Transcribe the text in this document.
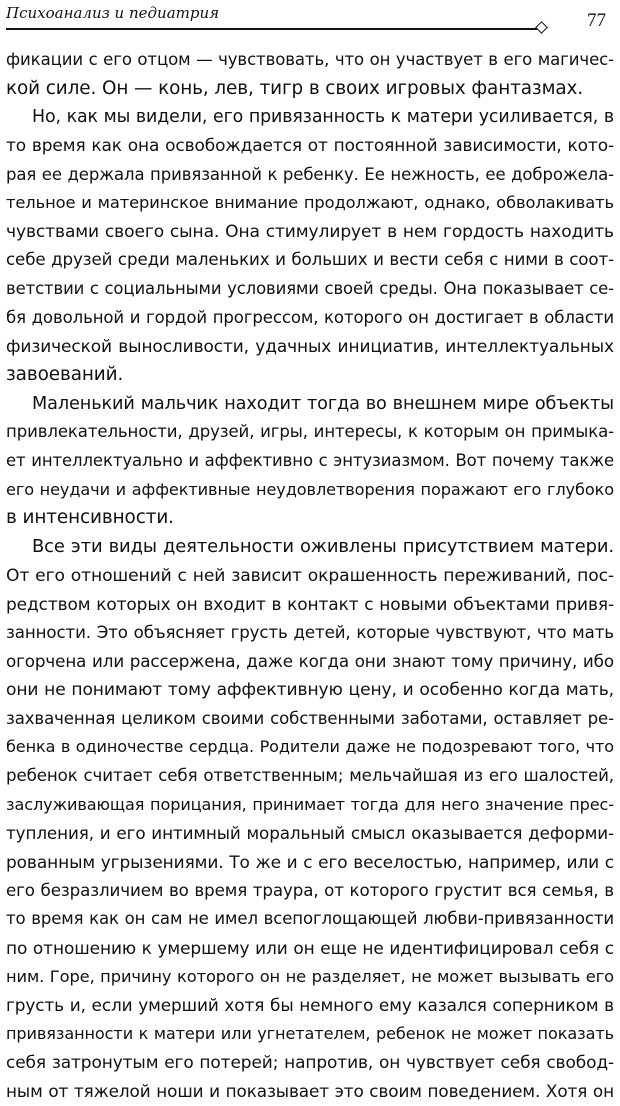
Психоанализ и педиатрия	77
фикации с его отцом — чувствовать, что он участвует в его магичес-
кой силе. Он — конь, лев, тигр в своих игровых фантазмах.
Но, как мы видели, его привязанность к матери усиливается, в
то время как она освобождается от постоянной зависимости, кото-
рая ее держала привязанной к ребенку. Ее нежность, ее доброжела-
тельное и материнское внимание продолжают, однако, обволакивать
чувствами своего сына. Она стимулирует в нем гордость находить
себе друзей среди маленьких и больших и вести себя с ними в соот-
ветствии с социальными условиями своей среды. Она показывает се-
бя довольной и гордой прогрессом, которого он достигает в области
физической выносливости, удачных инициатив, интеллектуальных
завоеваний.
Маленький мальчик находит тогда во внешнем мире объекты
привлекательности, друзей, игры, интересы, к которым он примыка-
ет интеллектуально и аффективно с энтузиазмом. Вот почему также
его неудачи и аффективные неудовлетворения поражают его глубоко
в интенсивности.
Все эти виды деятельности оживлены присутствием матери.
От его отношений с ней зависит окрашенность переживаний, пос-
редством которых он входит в контакт с новыми объектами привя-
занности. Это объясняет грусть детей, которые чувствуют, что мать
огорчена или рассержена, даже когда они знают тому причину, ибо
они не понимают тому аффективную цену, и особенно когда мать,
захваченная целиком своими собственными заботами, оставляет ре-
бенка в одиночестве сердца. Родители даже не подозревают того, что
ребенок считает себя ответственным; мельчайшая из его шалостей,
заслуживающая порицания, принимает тогда для него значение прес-
тупления, и его интимный моральный смысл оказывается деформи-
рованным угрызениями. То же и с его веселостью, например, или с
его безразличием во время траура, от которого грустит вся семья, в
то время как он сам не имел всепоглощающей любви-привязанности
по отношению к умершему или он еще не идентифицировал себя с
ним. Горе, причину которого он не разделяет, не может вызывать его
грусть и, если умерший хотя бы немного ему казался соперником в
привязанности к матери или угнетателем, ребенок не может показать
себя затронутым его потерей; напротив, он чувствует себя свобод-
ным от тяжелой ноши и показывает это своим поведением. Хотя он
